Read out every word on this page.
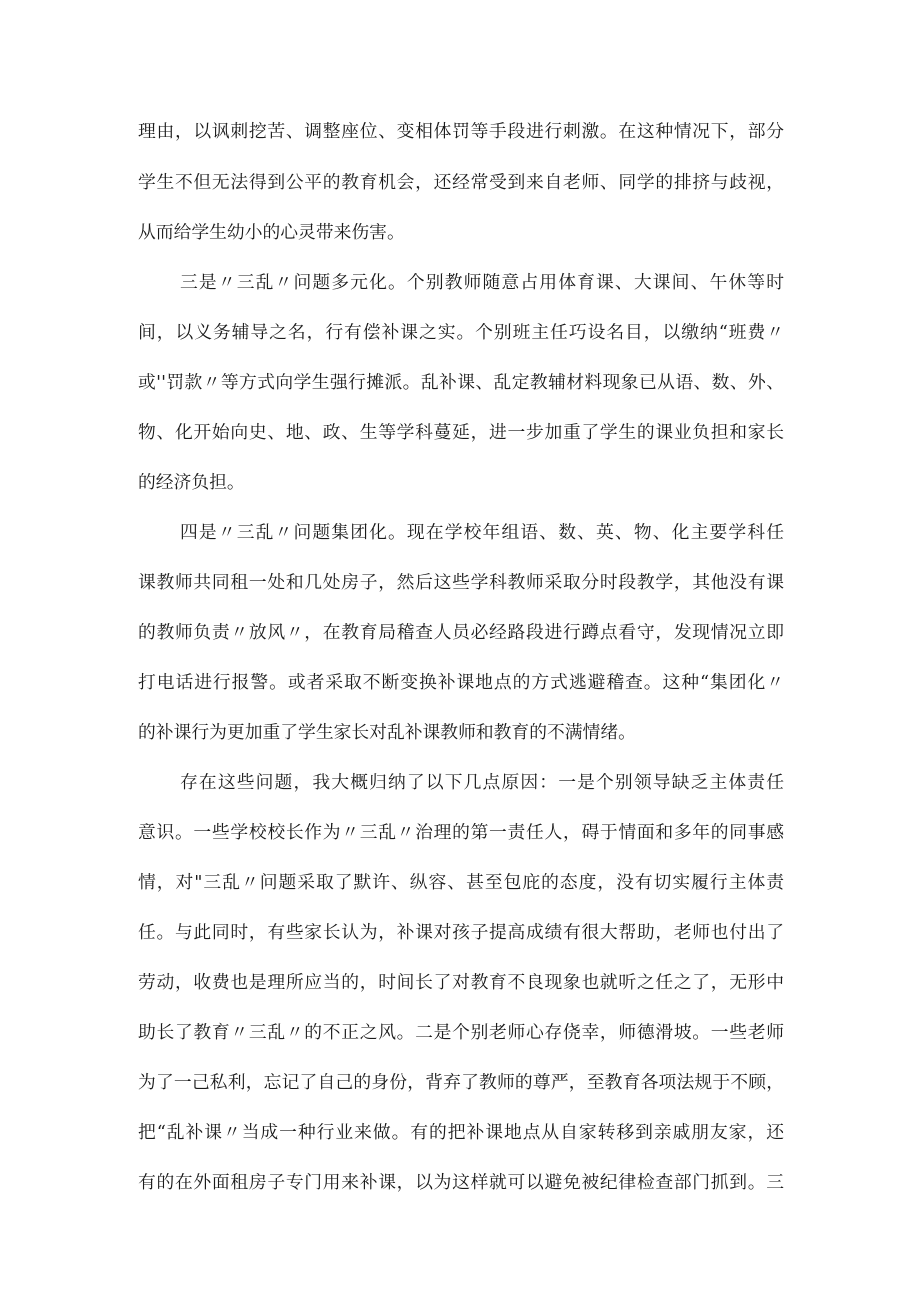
理由，以讽刺挖苦、调整座位、变相体罚等手段进行刺激。在这种情况下，部分
学生不但无法得到公平的教育机会，还经常受到来自老师、同学的排挤与歧视，
从而给学生幼小的心灵带来伤害。
三是〃三乱〃问题多元化。个别教师随意占用体育课、大课间、午休等时
间，以义务辅导之名，行有偿补课之实。个别班主任巧设名目，以缴纳“班费〃
或''罚款〃等方式向学生强行摊派。乱补课、乱定教辅材料现象已从语、数、外、
物、化开始向史、地、政、生等学科蔓延，进一步加重了学生的课业负担和家长
的经济负担。
四是〃三乱〃问题集团化。现在学校年组语、数、英、物、化主要学科任
课教师共同租一处和几处房子，然后这些学科教师采取分时段教学，其他没有课
的教师负责〃放风〃，在教育局稽查人员必经路段进行蹲点看守，发现情况立即
打电话进行报警。或者采取不断变换补课地点的方式逃避稽查。这种“集团化〃
的补课行为更加重了学生家长对乱补课教师和教育的不满情绪。
存在这些问题，我大概归纳了以下几点原因：一是个别领导缺乏主体责任
意识。一些学校校长作为〃三乱〃治理的第一责任人，碍于情面和多年的同事感
情，对"三乱〃问题采取了默许、纵容、甚至包庇的态度，没有切实履行主体责
任。与此同时，有些家长认为，补课对孩子提高成绩有很大帮助，老师也付出了
劳动，收费也是理所应当的，时间长了对教育不良现象也就听之任之了，无形中
助长了教育〃三乱〃的不正之风。二是个别老师心存侥幸，师德滑坡。一些老师
为了一己私利，忘记了自己的身份，背弃了教师的尊严，至教育各项法规于不顾，
把“乱补课〃当成一种行业来做。有的把补课地点从自家转移到亲戚朋友家，还
有的在外面租房子专门用来补课，以为这样就可以避免被纪律检查部门抓到。三
